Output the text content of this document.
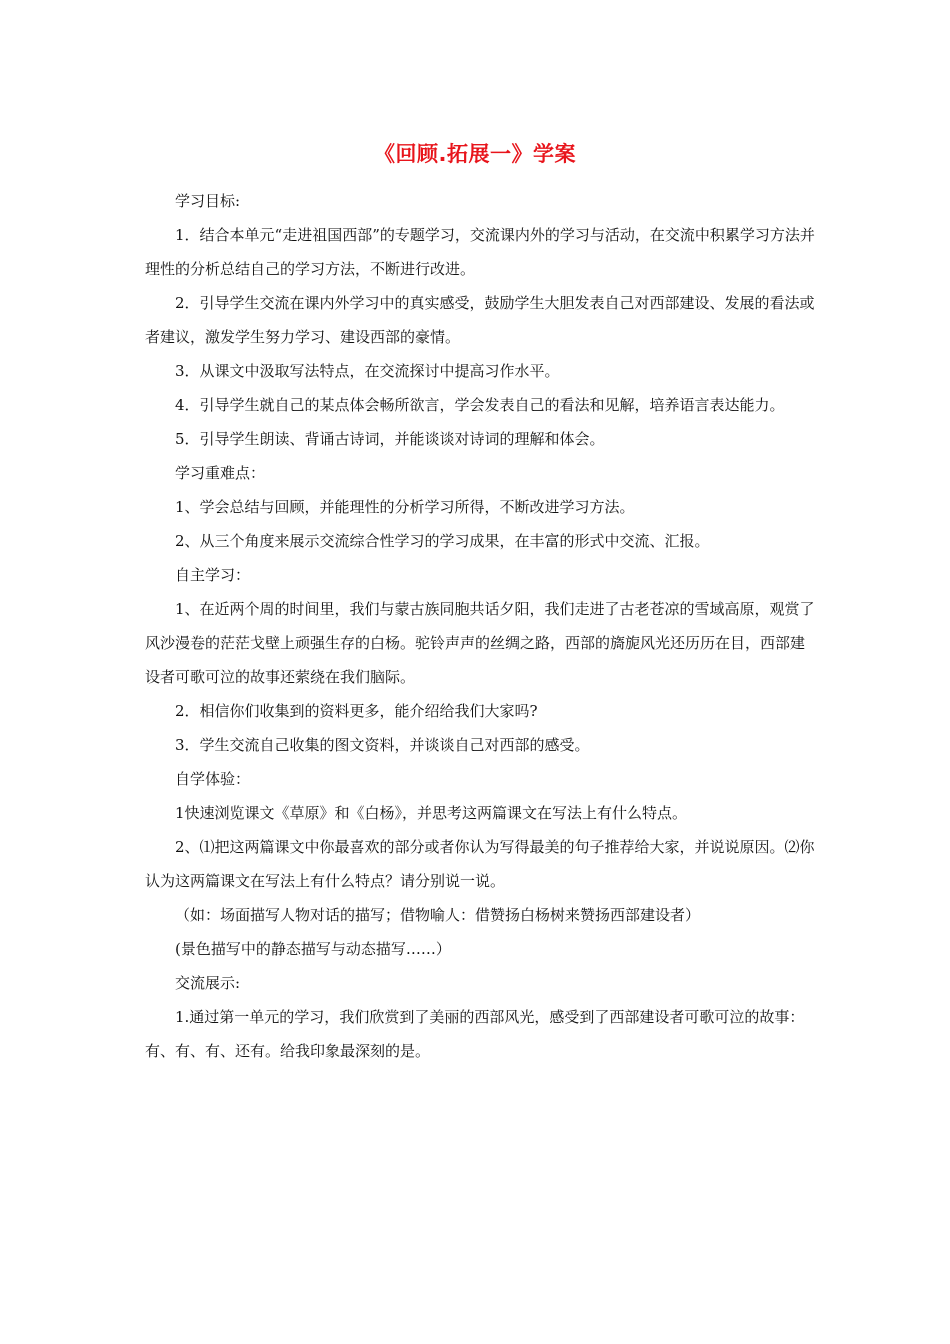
《回顾.拓展一》学案

学习目标:

1．结合本单元“走进祖国西部”的专题学习，交流课内外的学习与活动，在交流中积累学习方法并理性的分析总结自己的学习方法，不断进行改进。

2．引导学生交流在课内外学习中的真实感受，鼓励学生大胆发表自己对西部建设、发展的看法或者建议，激发学生努力学习、建设西部的豪情。

3．从课文中汲取写法特点，在交流探讨中提高习作水平。

4．引导学生就自己的某点体会畅所欲言，学会发表自己的看法和见解，培养语言表达能力。

5．引导学生朗读、背诵古诗词，并能谈谈对诗词的理解和体会。

学习重难点：

1、学会总结与回顾，并能理性的分析学习所得，不断改进学习方法。

2、从三个角度来展示交流综合性学习的学习成果，在丰富的形式中交流、汇报。

自主学习：

1、在近两个周的时间里，我们与蒙古族同胞共话夕阳，我们走进了古老苍凉的雪域高原，观赏了风沙漫卷的茫茫戈壁上顽强生存的白杨。驼铃声声的丝绸之路，西部的旖旎风光还历历在目，西部建设者可歌可泣的故事还萦绕在我们脑际。

2．相信你们收集到的资料更多，能介绍给我们大家吗?

3．学生交流自己收集的图文资料，并谈谈自己对西部的感受。

自学体验：

1快速浏览课文《草原》和《白杨》，并思考这两篇课文在写法上有什么特点。

2、⑴把这两篇课文中你最喜欢的部分或者你认为写得最美的句子推荐给大家，并说说原因。⑵你认为这两篇课文在写法上有什么特点？请分别说一说。

（如：场面描写人物对话的描写；借物喻人：借赞扬白杨树来赞扬西部建设者）

(景色描写中的静态描写与动态描写……）

交流展示:

1.通过第一单元的学习，我们欣赏到了美丽的西部风光，感受到了西部建设者可歌可泣的故事：有、有、有、还有。给我印象最深刻的是。
